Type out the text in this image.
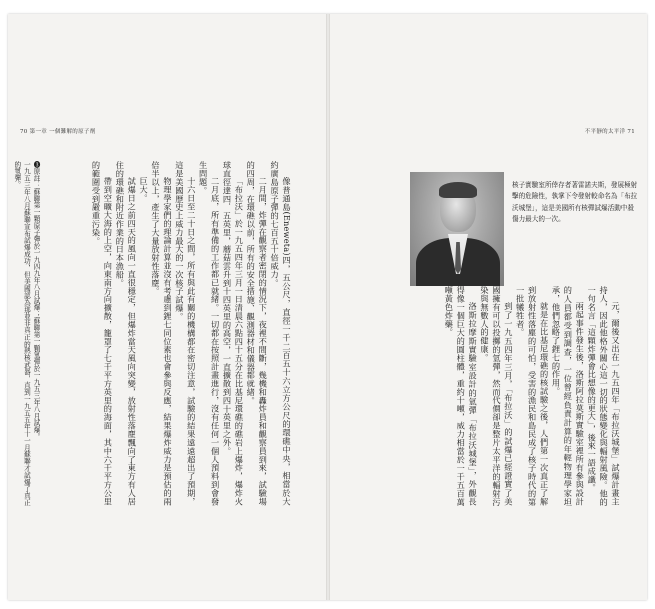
70 第一章 一個難解的原子劑

像普通島(Eneweta)四，五公尺，直徑一千二百五十六立方公尺的環礁中央，相當於大約廣島原子彈的七百五十倍威力。

二月間，炸彈在觀察者密閉的情況下，夜裡不間斷，幾機和轟炸員和觀察員到來，試驗場的四周，在環礁以前，所有的安全措施、觀測器材和儀器都就緒。

「布拉沃」於一九五四年三月一日清晨六點四十五分在比基尼環礁的礁岩上爆炸，爆炸火球直徑達四．五英里，蘑菇雲升到十四英里的高空，一直擴散到四十英里之外。

二月底，所有準備的工作都已就緒。一切都在按照計畫進行，沒有任何一個人預料到會發生問題。

十六日至二十日之間，所有與此有關的機構都在密切注意，試驗的結果遠遠超出了預期，這是美國歷史上威力最大的一次核子試爆。

物理學家們的理論計算並沒有考慮到鋰七同位素也會參與反應，結果爆炸威力是預估的兩倍半以上，產生了大量放射性落塵。

巨大。

試爆日之前四天的風向一直很穩定，但爆炸當天風向突變，放射性落塵飄向了東方有人居住的環礁和附近作業的日本漁船。

帶到空曠大海的上空，向東南方向擴散，籠罩了七千平方英里的海面，其中六千平方公里的範圍受到嚴重污染。

❸原註：蘇聯第一顆原子彈於一九四九年八月試爆；蘇聯第一顆氫彈於一九五三年八月試爆。

一九五三年八月蘇聯宣布試爆成功，但美國認為那並非真正的熱核武器，直到一九五五年十一月蘇聯才試爆了真正的氫彈。

不平靜的太平洋 71
核子實驗室所倖存者著雷諾夫斯，發展極射擊的危險性，執掌下令發射較命名為「布拉沃城堡」，這是美國所有核彈試爆活動中殺傷力最大的一次。

元，爾後又出在一九五四年「布拉沃城堡」試爆計畫主持人，因此他格外關心這一切的狀態變化與輻射風險。他的一句名言「這顆炸彈會比想像的更大」，後來一語成讖。

兩起事件發生後，洛斯阿拉莫斯實驗室裡所有參與設計的人員都受到調查，一位曾經負責計算的年輕物理學家坦承，他們忽略了鋰七的作用。

就是在比基尼環礁的核試驗之後，人們第一次真正了解到放射性落塵的可怕，受害的漁民和島民成了核子時代的第一批犧牲者。

到了一九五四年三月，「布拉沃」的試爆已經證實了美國擁有可以投擲的氫彈，然而代價卻是整片太平洋的輻射污染與無數人的健康。

洛斯拉摩斯實驗室設計的氫彈「布拉沃城堡」，外觀長得像一個巨大的圓柱體，重約十噸，威力相當於一千五百萬噸黃色炸藥。
